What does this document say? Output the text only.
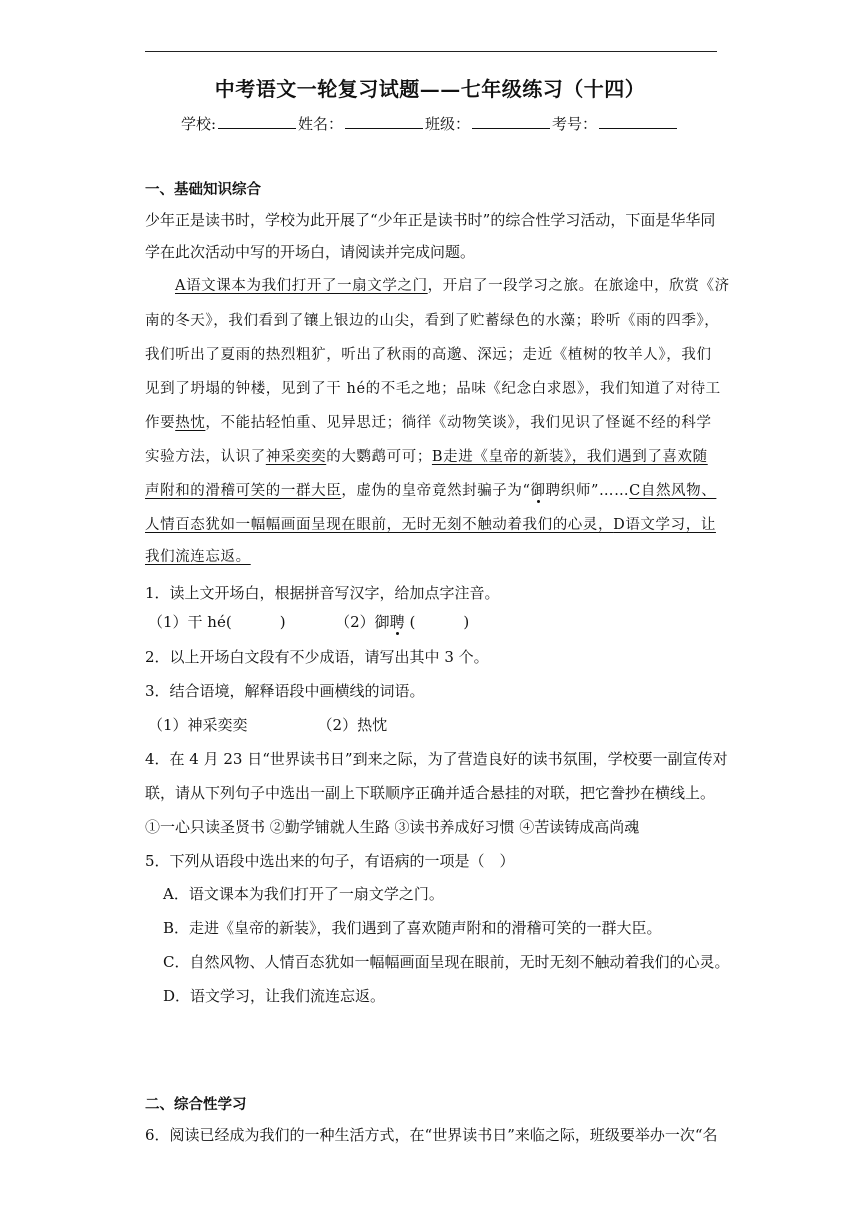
中考语文一轮复习试题——七年级练习（十四）
学校:	姓名：	班级：	考号：
一、基础知识综合
少年正是读书时，学校为此开展了“少年正是读书时”的综合性学习活动，下面是华华同
学在此次活动中写的开场白，请阅读并完成问题。
A语文课本为我们打开了一扇文学之门，开启了一段学习之旅。在旅途中，欣赏《济
南的冬天》，我们看到了镶上银边的山尖，看到了贮蓄绿色的水藻；聆听《雨的四季》，
我们听出了夏雨的热烈粗犷，听出了秋雨的高邈、深远；走近《植树的牧羊人》，我们
见到了坍塌的钟楼，见到了干 hé的不毛之地；品味《纪念白求恩》，我们知道了对待工
作要热忱，不能拈轻怕重、见异思迁；徜徉《动物笑谈》，我们见识了怪诞不经的科学
实验方法，认识了神采奕奕的大鹦鹉可可；B走进《皇帝的新装》，我们遇到了喜欢随
声附和的滑稽可笑的一群大臣，虚伪的皇帝竟然封骗子为“御聘织师”……C自然风物、
人情百态犹如一幅幅画面呈现在眼前，无时无刻不触动着我们的心灵，D语文学习，让
我们流连忘返。
1．读上文开场白，根据拼音写汉字，给加点字注音。
（1）干 hé(	)	（2）御聘 (	)
2．以上开场白文段有不少成语，请写出其中 3 个。
3．结合语境，解释语段中画横线的词语。
（1）神采奕奕	（2）热忱
4．在 4 月 23 日“世界读书日”到来之际，为了营造良好的读书氛围，学校要一副宣传对
联，请从下列句子中选出一副上下联顺序正确并适合悬挂的对联，把它誊抄在横线上。
①一心只读圣贤书 ②勤学铺就人生路 ③读书养成好习惯 ④苦读铸成高尚魂
5．下列从语段中选出来的句子，有语病的一项是（　）
A．语文课本为我们打开了一扇文学之门。
B．走进《皇帝的新装》，我们遇到了喜欢随声附和的滑稽可笑的一群大臣。
C．自然风物、人情百态犹如一幅幅画面呈现在眼前，无时无刻不触动着我们的心灵。
D．语文学习，让我们流连忘返。
二、综合性学习
6．阅读已经成为我们的一种生活方式，在“世界读书日”来临之际，班级要举办一次“名
